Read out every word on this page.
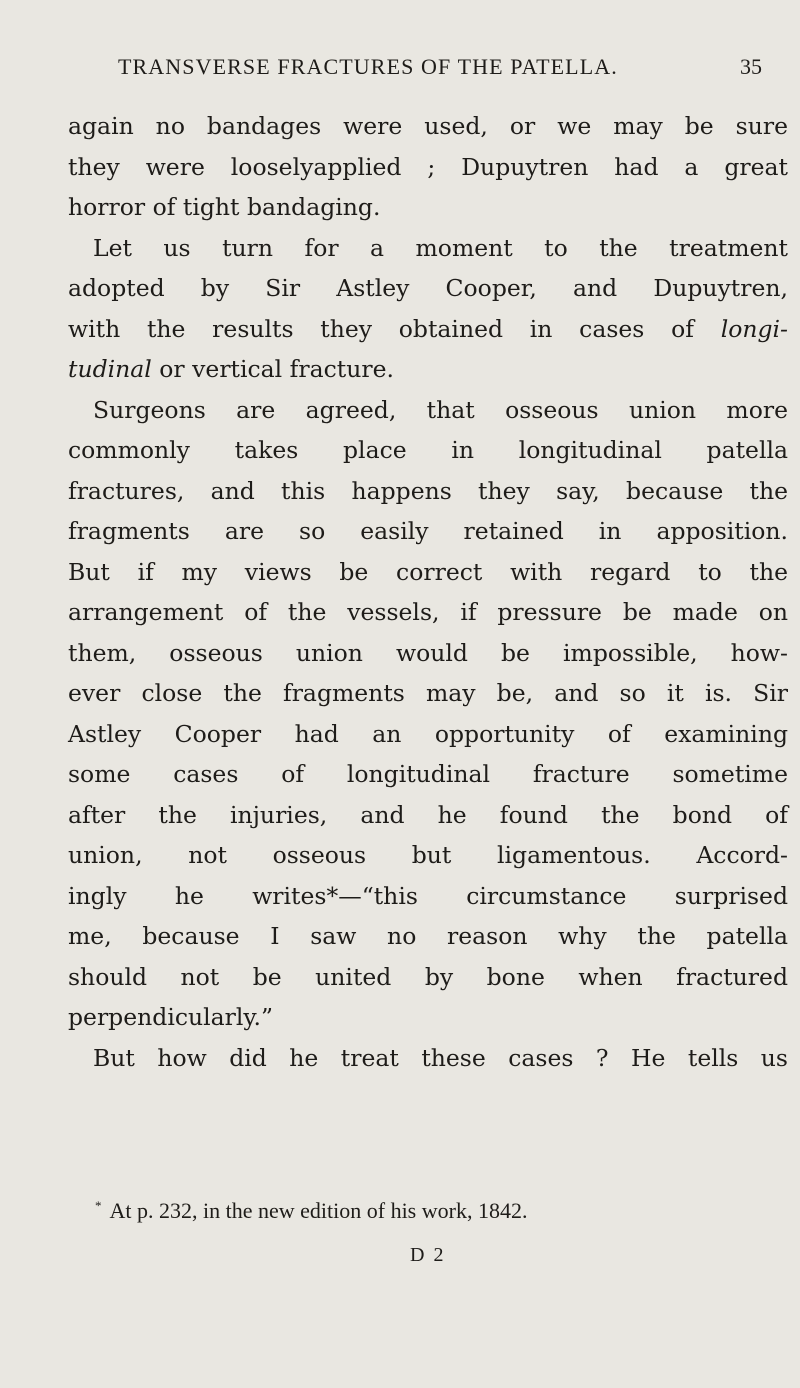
TRANSVERSE FRACTURES OF THE PATELLA.	35
again no bandages were used, or we may be sure
they were looselyapplied ; Dupuytren had a great
horror of tight bandaging.
Let us turn for a moment to the treatment
adopted by Sir Astley Cooper, and Dupuytren,
with the results they obtained in cases of longi-
tudinal or vertical fracture.
Surgeons are agreed, that osseous union more
commonly takes place in longitudinal patella
fractures, and this happens they say, because the
fragments are so easily retained in apposition.
But if my views be correct with regard to the
arrangement of the vessels, if pressure be made on
them, osseous union would be impossible, how-
ever close the fragments may be, and so it is. Sir
Astley Cooper had an opportunity of examining
some cases of longitudinal fracture sometime
after the injuries, and he found the bond of
union, not osseous but ligamentous. Accord-
ingly he writes*—“this circumstance surprised
me, because I saw no reason why the patella
should not be united by bone when fractured
perpendicularly.”
But how did he treat these cases ? He tells us
* At p. 232, in the new edition of his work, 1842.
D 2
